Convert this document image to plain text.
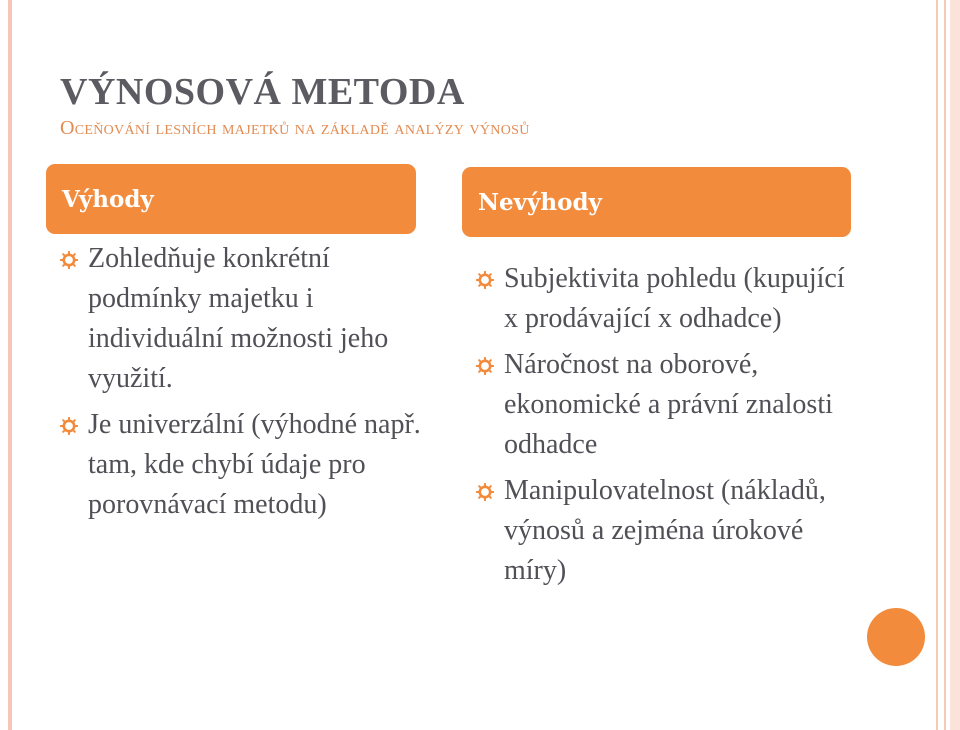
VÝNOSOVÁ METODA
Oceňování lesních majetků na základě analýzy výnosů
Výhody
Zohledňuje konkrétní podmínky majetku i individuální možnosti jeho využití.
Je univerzální (výhodné např. tam, kde chybí údaje pro porovnávací metodu)
Nevýhody
Subjektivita pohledu (kupující x prodávající x odhadce)
Náročnost na oborové, ekonomické a právní znalosti odhadce
Manipulovatelnost (nákladů, výnosů a zejména úrokové míry)
